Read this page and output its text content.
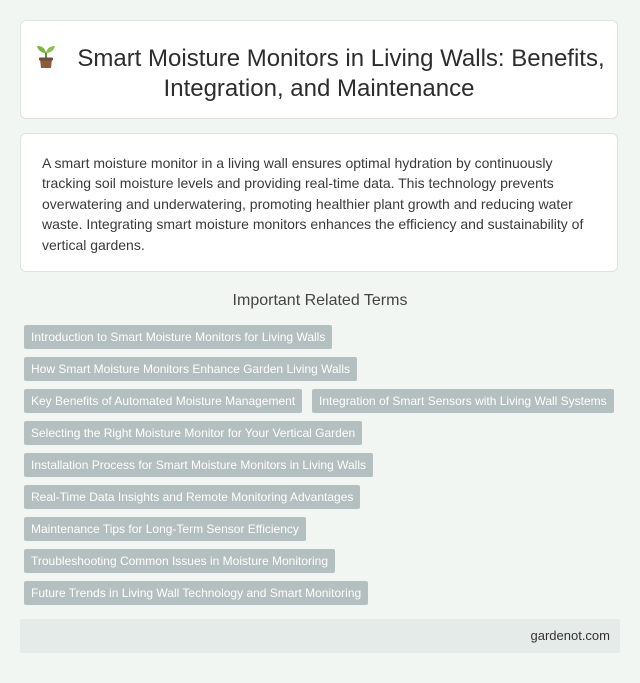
Smart Moisture Monitors in Living Walls: Benefits, Integration, and Maintenance

A smart moisture monitor in a living wall ensures optimal hydration by continuously tracking soil moisture levels and providing real-time data. This technology prevents overwatering and underwatering, promoting healthier plant growth and reducing water waste. Integrating smart moisture monitors enhances the efficiency and sustainability of vertical gardens.

Important Related Terms
Introduction to Smart Moisture Monitors for Living Walls
How Smart Moisture Monitors Enhance Garden Living Walls
Key Benefits of Automated Moisture Management	Integration of Smart Sensors with Living Wall Systems
Selecting the Right Moisture Monitor for Your Vertical Garden
Installation Process for Smart Moisture Monitors in Living Walls
Real-Time Data Insights and Remote Monitoring Advantages
Maintenance Tips for Long-Term Sensor Efficiency
Troubleshooting Common Issues in Moisture Monitoring
Future Trends in Living Wall Technology and Smart Monitoring
gardenot.com
